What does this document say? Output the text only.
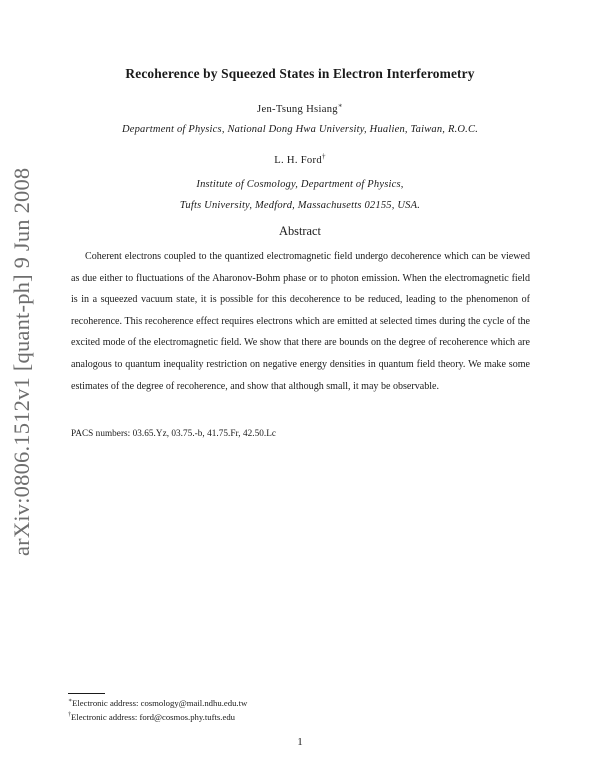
arXiv:0806.1512v1 [quant-ph] 9 Jun 2008
Recoherence by Squeezed States in Electron Interferometry
Jen-Tsung Hsiang∗
Department of Physics, National Dong Hwa University, Hualien, Taiwan, R.O.C.
L. H. Ford†
Institute of Cosmology, Department of Physics,
Tufts University, Medford, Massachusetts 02155, USA.
Abstract

Coherent electrons coupled to the quantized electromagnetic field undergo decoherence which can be viewed as due either to fluctuations of the Aharonov-Bohm phase or to photon emission. When the electromagnetic field is in a squeezed vacuum state, it is possible for this decoherence to be reduced, leading to the phenomenon of recoherence. This recoherence effect requires electrons which are emitted at selected times during the cycle of the excited mode of the electromagnetic field. We show that there are bounds on the degree of recoherence which are analogous to quantum inequality restriction on negative energy densities in quantum field theory. We make some estimates of the degree of recoherence, and show that although small, it may be observable.

PACS numbers: 03.65.Yz, 03.75.-b, 41.75.Fr, 42.50.Lc
∗Electronic address: cosmology@mail.ndhu.edu.tw
†Electronic address: ford@cosmos.phy.tufts.edu
1
